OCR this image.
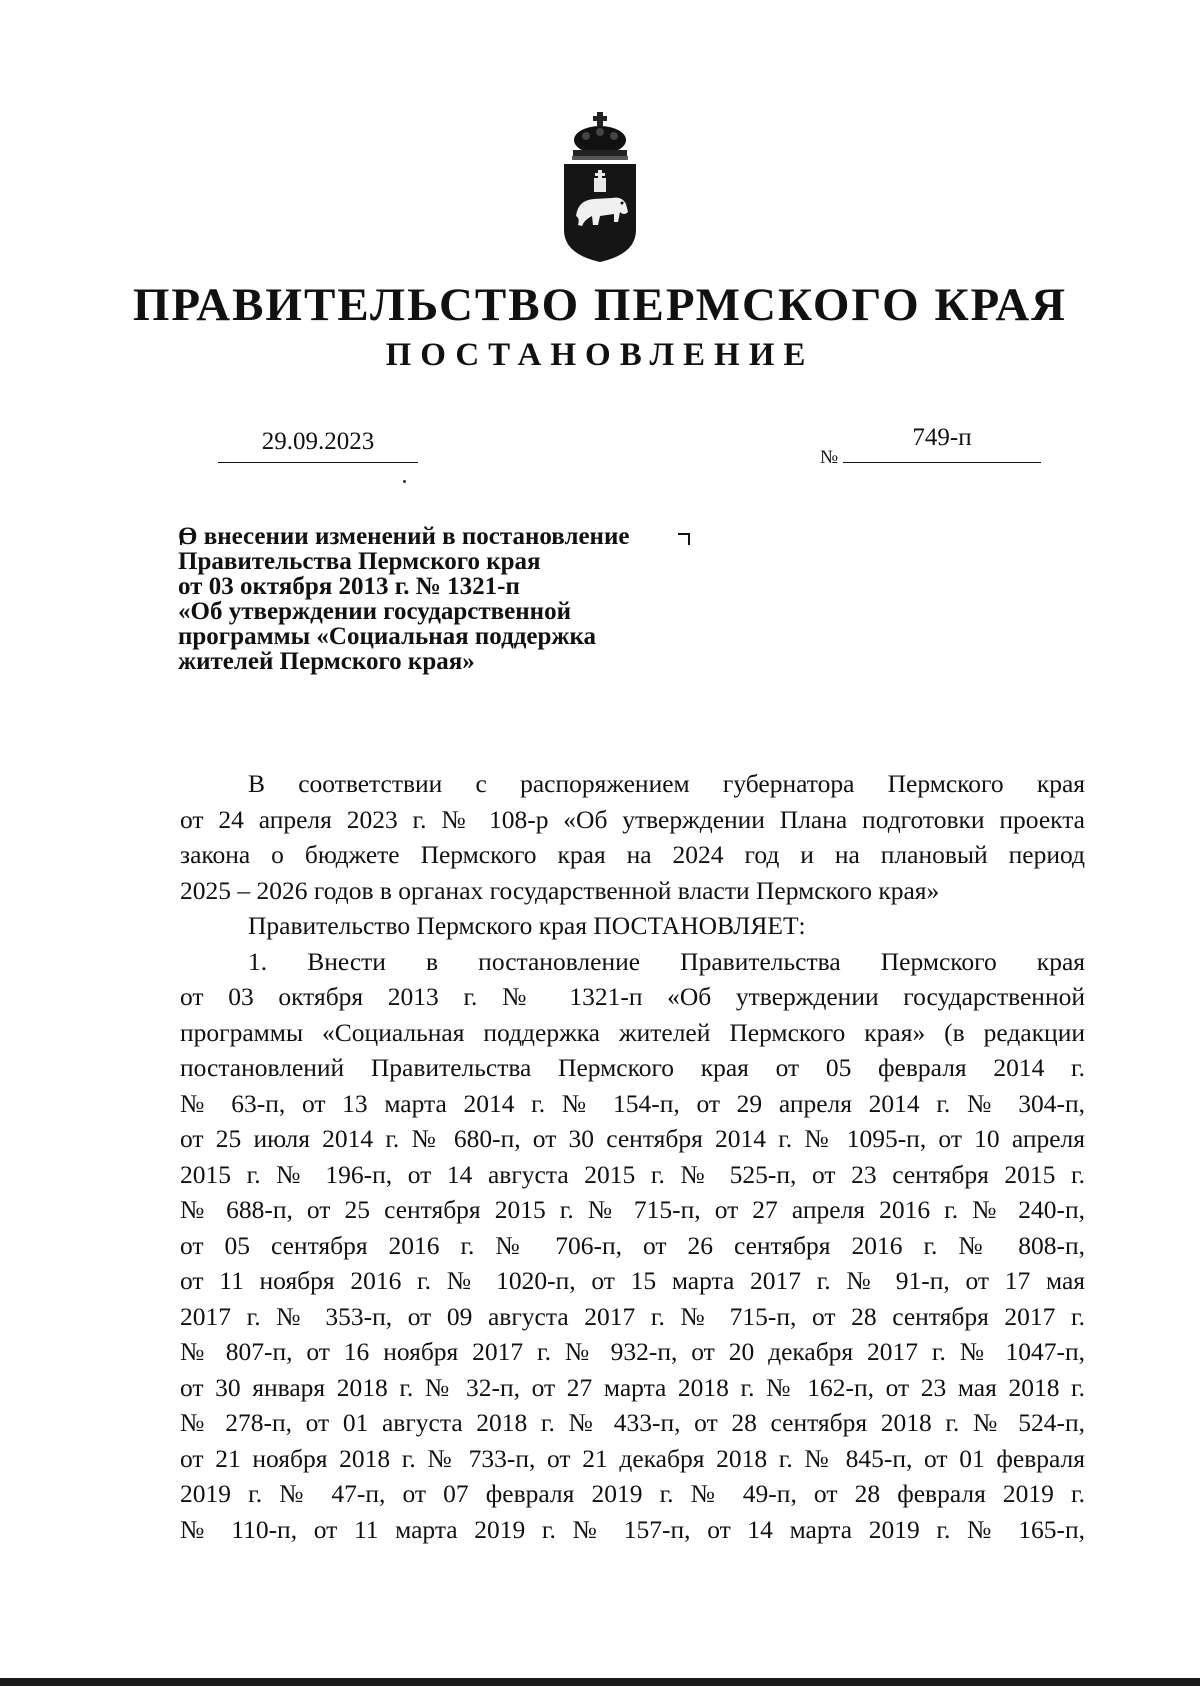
ПРАВИТЕЛЬСТВО ПЕРМСКОГО КРАЯ
ПОСТАНОВЛЕНИЕ
29.09.2023
№
749-п
О внесении изменений в постановление
Правительства Пермского края
от 03 октября 2013 г. № 1321-п
«Об утверждении государственной
программы «Социальная поддержка
жителей Пермского края»
В соответствии с распоряжением губернатора Пермского края
от 24 апреля 2023 г. № 108-р «Об утверждении Плана подготовки проекта
закона о бюджете Пермского края на 2024 год и на плановый период
2025 – 2026 годов в органах государственной власти Пермского края»
Правительство Пермского края ПОСТАНОВЛЯЕТ:
1. Внести в постановление Правительства Пермского края
от 03 октября 2013 г. № 1321-п «Об утверждении государственной
программы «Социальная поддержка жителей Пермского края» (в редакции
постановлений Правительства Пермского края от 05 февраля 2014 г.
№ 63-п, от 13 марта 2014 г. № 154-п, от 29 апреля 2014 г. № 304-п,
от 25 июля 2014 г. № 680-п, от 30 сентября 2014 г. № 1095-п, от 10 апреля
2015 г. № 196-п, от 14 августа 2015 г. № 525-п, от 23 сентября 2015 г.
№ 688-п, от 25 сентября 2015 г. № 715-п, от 27 апреля 2016 г. № 240-п,
от 05 сентября 2016 г. № 706-п, от 26 сентября 2016 г. № 808-п,
от 11 ноября 2016 г. № 1020-п, от 15 марта 2017 г. № 91-п, от 17 мая
2017 г. № 353-п, от 09 августа 2017 г. № 715-п, от 28 сентября 2017 г.
№ 807-п, от 16 ноября 2017 г. № 932-п, от 20 декабря 2017 г. № 1047-п,
от 30 января 2018 г. № 32-п, от 27 марта 2018 г. № 162-п, от 23 мая 2018 г.
№ 278-п, от 01 августа 2018 г. № 433-п, от 28 сентября 2018 г. № 524-п,
от 21 ноября 2018 г. № 733-п, от 21 декабря 2018 г. № 845-п, от 01 февраля
2019 г. № 47-п, от 07 февраля 2019 г. № 49-п, от 28 февраля 2019 г.
№ 110-п, от 11 марта 2019 г. № 157-п, от 14 марта 2019 г. № 165-п,
